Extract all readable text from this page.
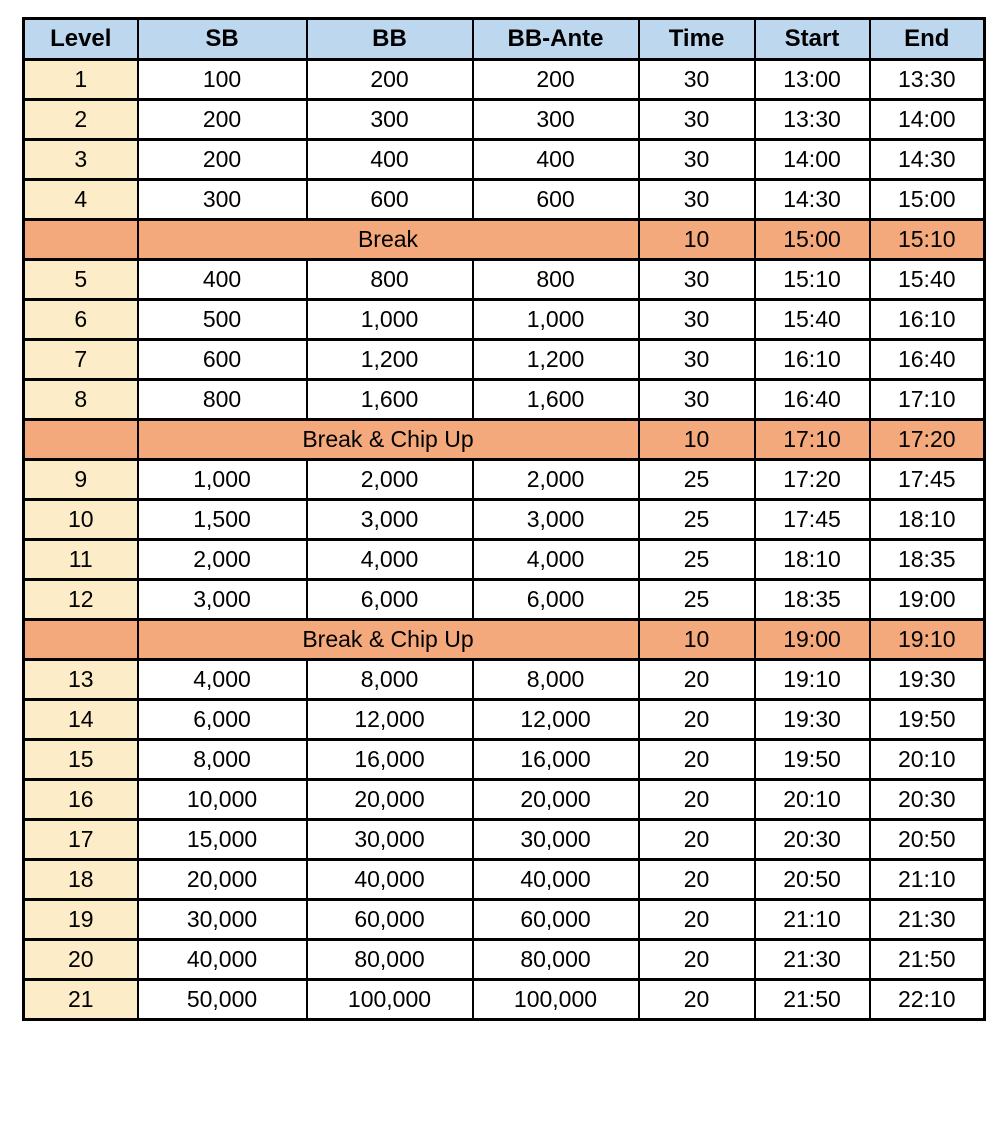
Level	SB	BB	BB-Ante	Time	Start	End
1	100	200	200	30	13:00	13:30
2	200	300	300	30	13:30	14:00
3	200	400	400	30	14:00	14:30
4	300	600	600	30	14:30	15:00
	Break			10	15:00	15:10
5	400	800	800	30	15:10	15:40
6	500	1,000	1,000	30	15:40	16:10
7	600	1,200	1,200	30	16:10	16:40
8	800	1,600	1,600	30	16:40	17:10
	Break & Chip Up			10	17:10	17:20
9	1,000	2,000	2,000	25	17:20	17:45
10	1,500	3,000	3,000	25	17:45	18:10
11	2,000	4,000	4,000	25	18:10	18:35
12	3,000	6,000	6,000	25	18:35	19:00
	Break & Chip Up			10	19:00	19:10
13	4,000	8,000	8,000	20	19:10	19:30
14	6,000	12,000	12,000	20	19:30	19:50
15	8,000	16,000	16,000	20	19:50	20:10
16	10,000	20,000	20,000	20	20:10	20:30
17	15,000	30,000	30,000	20	20:30	20:50
18	20,000	40,000	40,000	20	20:50	21:10
19	30,000	60,000	60,000	20	21:10	21:30
20	40,000	80,000	80,000	20	21:30	21:50
21	50,000	100,000	100,000	20	21:50	22:10
